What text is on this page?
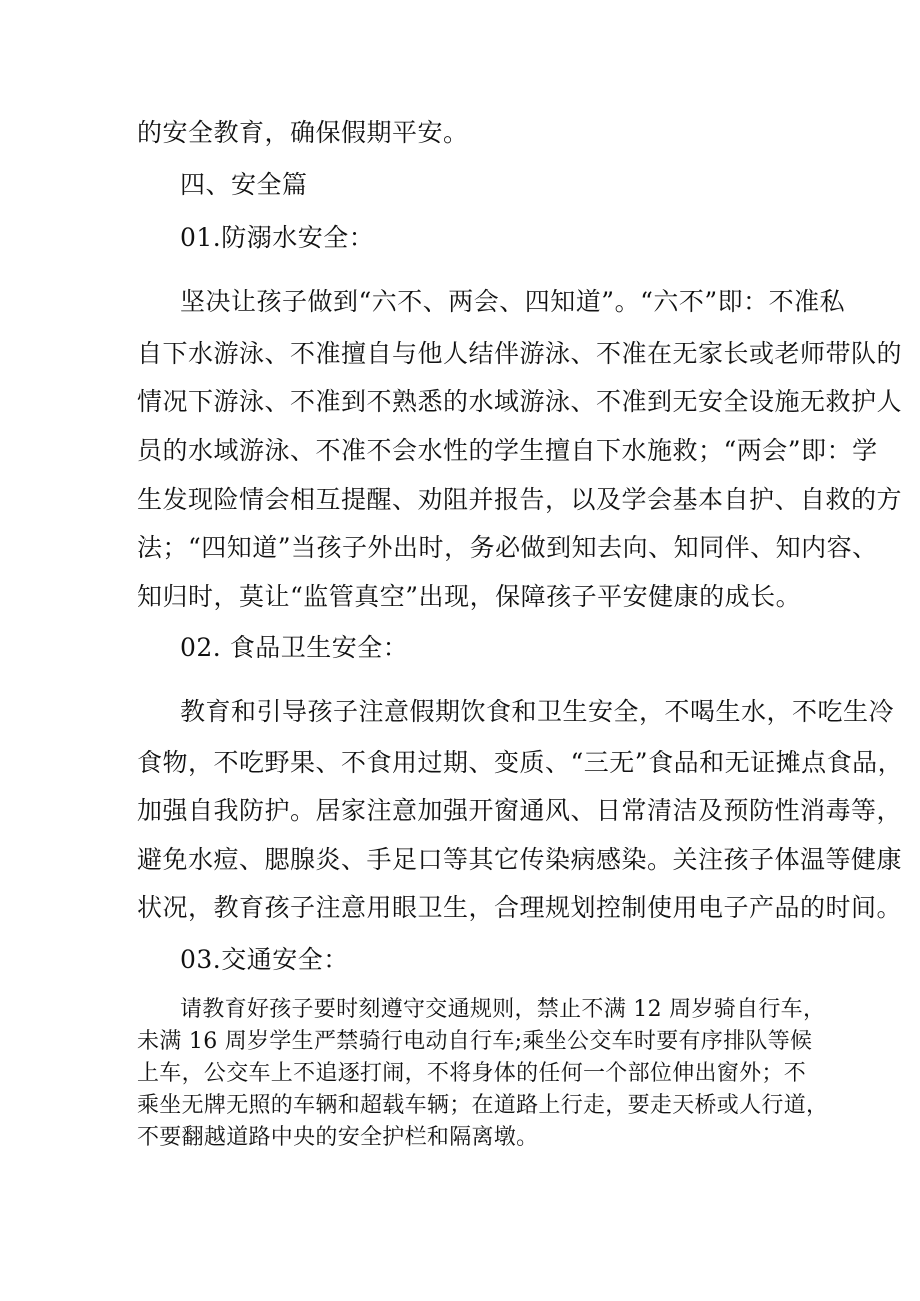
的安全教育，确保假期平安。
四、安全篇
01.防溺水安全：
坚决让孩子做到“六不、两会、四知道”。“六不”即：不准私
自下水游泳、不准擅自与他人结伴游泳、不准在无家长或老师带队的
情况下游泳、不准到不熟悉的水域游泳、不准到无安全设施无救护人
员的水域游泳、不准不会水性的学生擅自下水施救；“两会”即：学
生发现险情会相互提醒、劝阻并报告，以及学会基本自护、自救的方
法；“四知道”当孩子外出时，务必做到知去向、知同伴、知内容、
知归时，莫让“监管真空”出现，保障孩子平安健康的成长。
02. 食品卫生安全：
教育和引导孩子注意假期饮食和卫生安全，不喝生水，不吃生冷
食物，不吃野果、不食用过期、变质、“三无”食品和无证摊点食品，
加强自我防护。居家注意加强开窗通风、日常清洁及预防性消毒等，
避免水痘、腮腺炎、手足口等其它传染病感染。关注孩子体温等健康
状况，教育孩子注意用眼卫生，合理规划控制使用电子产品的时间。
03.交通安全：
请教育好孩子要时刻遵守交通规则，禁止不满 12 周岁骑自行车，
未满 16 周岁学生严禁骑行电动自行车;乘坐公交车时要有序排队等候
上车，公交车上不追逐打闹，不将身体的任何一个部位伸出窗外；不
乘坐无牌无照的车辆和超载车辆；在道路上行走，要走天桥或人行道，
不要翻越道路中央的安全护栏和隔离墩。
